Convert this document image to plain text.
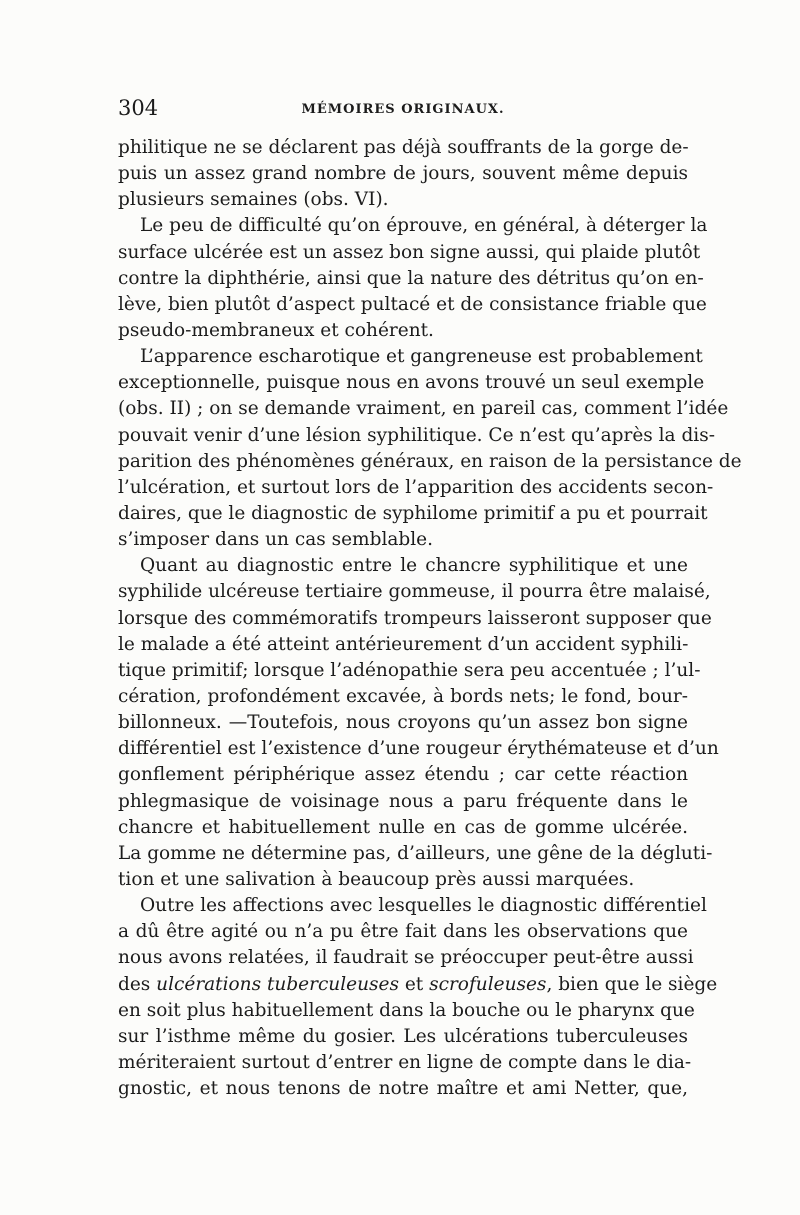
304	MÉMOIRES ORIGINAUX.
philitique ne se déclarent pas déjà souffrants de la gorge de-
puis un assez grand nombre de jours, souvent même depuis
plusieurs semaines (obs. VI).
Le peu de difficulté qu’on éprouve, en général, à déterger la
surface ulcérée est un assez bon signe aussi, qui plaide plutôt
contre la diphthérie, ainsi que la nature des détritus qu’on en-
lève, bien plutôt d’aspect pultacé et de consistance friable que
pseudo-membraneux et cohérent.
L’apparence escharotique et gangreneuse est probablement
exceptionnelle, puisque nous en avons trouvé un seul exemple
(obs. II) ; on se demande vraiment, en pareil cas, comment l’idée
pouvait venir d’une lésion syphilitique. Ce n’est qu’après la dis-
parition des phénomènes généraux, en raison de la persistance de
l’ulcération, et surtout lors de l’apparition des accidents secon-
daires, que le diagnostic de syphilome primitif a pu et pourrait
s’imposer dans un cas semblable.
Quant au diagnostic entre le chancre syphilitique et une
syphilide ulcéreuse tertiaire gommeuse, il pourra être malaisé,
lorsque des commémoratifs trompeurs laisseront supposer que
le malade a été atteint antérieurement d’un accident syphili-
tique primitif; lorsque l’adénopathie sera peu accentuée ; l’ul-
cération, profondément excavée, à bords nets; le fond, bour-
billonneux. —Toutefois, nous croyons qu’un assez bon signe
différentiel est l’existence d’une rougeur érythémateuse et d’un
gonflement périphérique assez étendu ; car cette réaction
phlegmasique de voisinage nous a paru fréquente dans le
chancre et habituellement nulle en cas de gomme ulcérée.
La gomme ne détermine pas, d’ailleurs, une gêne de la dégluti-
tion et une salivation à beaucoup près aussi marquées.
Outre les affections avec lesquelles le diagnostic différentiel
a dû être agité ou n’a pu être fait dans les observations que
nous avons relatées, il faudrait se préoccuper peut-être aussi
des ulcérations tuberculeuses et scrofuleuses, bien que le siège
en soit plus habituellement dans la bouche ou le pharynx que
sur l’isthme même du gosier. Les ulcérations tuberculeuses
mériteraient surtout d’entrer en ligne de compte dans le dia-
gnostic, et nous tenons de notre maître et ami Netter, que,
